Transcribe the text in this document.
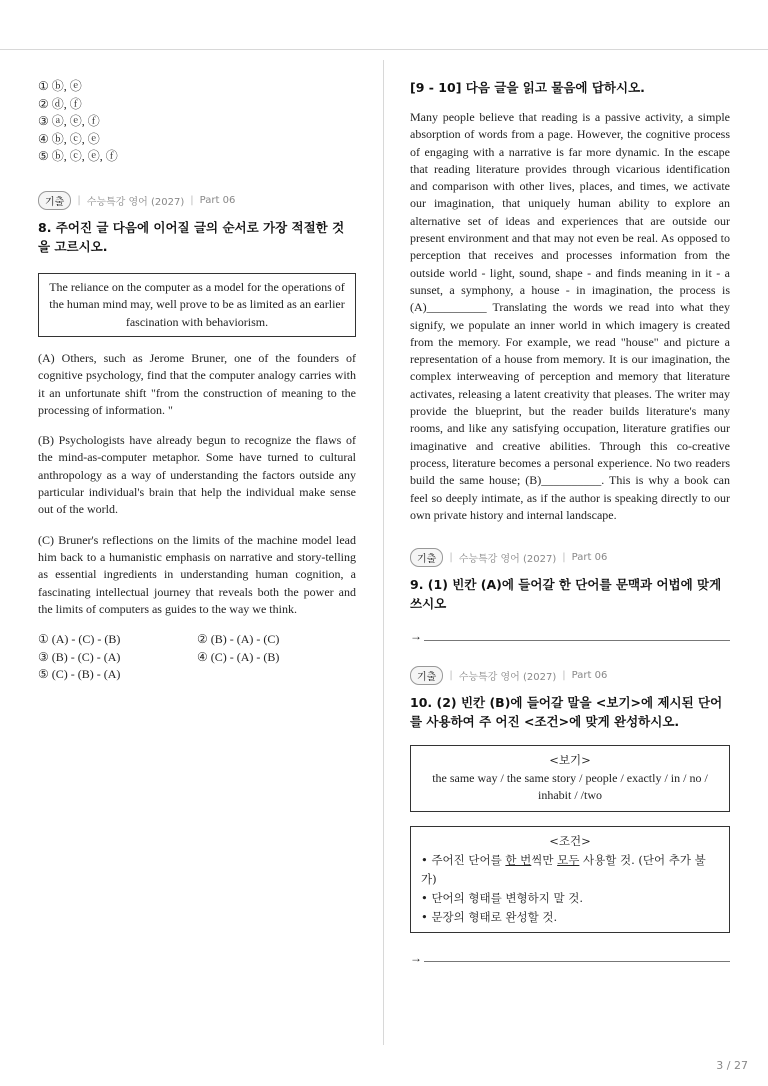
① ⓑ, ⓔ
② ⓓ, ⓕ
③ ⓐ, ⓔ, ⓕ
④ ⓑ, ⓒ, ⓔ
⑤ ⓑ, ⓒ, ⓔ, ⓕ
기출	| 수능특강 영어 (2027) | Part 06
8. 주어진 글 다음에 이어질 글의 순서로 가장 적절한 것을 고르시오.
The reliance on the computer as a model for the operations of the human mind may, well prove to be as limited as an earlier fascination with behaviorism.
(A) Others, such as Jerome Bruner, one of the founders of cognitive psychology, find that the computer analogy carries with it an unfortunate shift "from the construction of meaning to the processing of information. "
(B) Psychologists have already begun to recognize the flaws of the mind-as-computer metaphor. Some have turned to cultural anthropology as a way of understanding the factors outside any particular individual's brain that help the individual make sense out of the world.
(C) Bruner's reflections on the limits of the machine model lead him back to a humanistic emphasis on narrative and story-telling as essential ingredients in understanding human cognition, a fascinating intellectual journey that reveals both the power and the limits of computers as guides to the way we think.
① (A) - (C) - (B)	② (B) - (A) - (C)
③ (B) - (C) - (A)	④ (C) - (A) - (B)
⑤ (C) - (B) - (A)
[9 - 10] 다음 글을 읽고 물음에 답하시오.
Many people believe that reading is a passive activity, a simple absorption of words from a page. However, the cognitive process of engaging with a narrative is far more dynamic. In the escape that reading literature provides through vicarious identification and comparison with other lives, places, and times, we activate our imagination, that uniquely human ability to explore an alternative set of ideas and experiences that are outside our present environment and that may not even be real. As opposed to perception that receives and processes information from the outside world - light, sound, shape - and finds meaning in it - a sunset, a symphony, a house - in imagination, the process is (A)__________ Translating the words we read into what they signify, we populate an inner world in which imagery is created from the memory. For example, we read "house" and picture a representation of a house from memory. It is our imagination, the complex interweaving of perception and memory that literature activates, releasing a latent creativity that pleases. The writer may provide the blueprint, but the reader builds literature's many rooms, and like any satisfying occupation, literature gratifies our imaginative and creative abilities. Through this co-creative process, literature becomes a personal experience. No two readers build the same house; (B)__________. This is why a book can feel so deeply intimate, as if the author is speaking directly to our own private history and internal landscape.
기출	| 수능특강 영어 (2027) | Part 06
9. (1) 빈칸 (A)에 들어갈 한 단어를 문맥과 어법에 맞게 쓰시오
→
기출	| 수능특강 영어 (2027) | Part 06
10. (2) 빈칸 (B)에 들어갈 말을 <보기>에 제시된 단어를 사용하여 주 어진 <조건>에 맞게 완성하시오.
<보기>
the same way / the same story / people / exactly / in / no / inhabit / /two
<조건>
• 주어진 단어를 한 번씩만 모두 사용할 것. (단어 추가 불가)
• 단어의 형태를 변형하지 말 것.
• 문장의 형태로 완성할 것.
→
3 / 27
